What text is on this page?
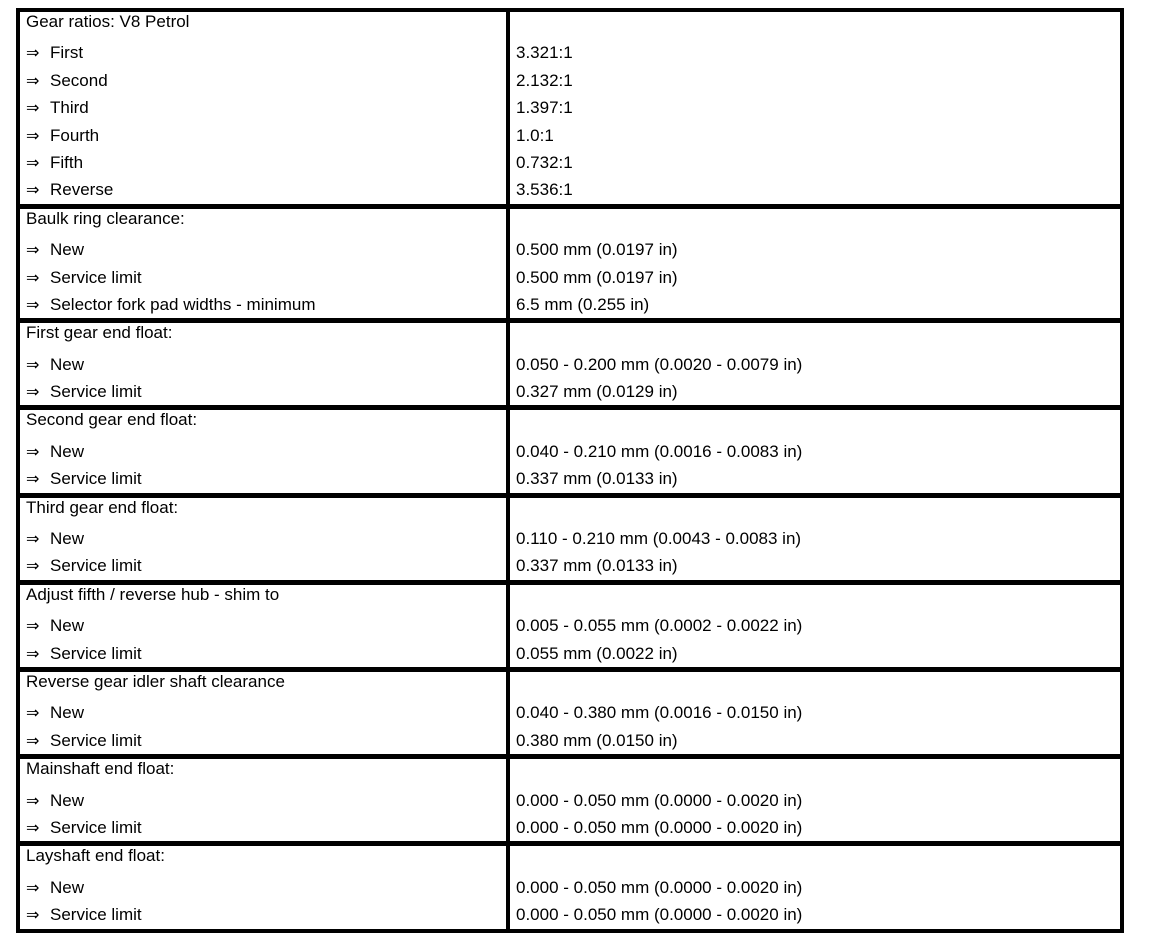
Gear ratios: V8 Petrol
⇒ First
⇒ Second
⇒ Third
⇒ Fourth
⇒ Fifth
⇒ Reverse
3.321:1
2.132:1
1.397:1
1.0:1
0.732:1
3.536:1
Baulk ring clearance:
⇒ New
⇒ Service limit
⇒ Selector fork pad widths - minimum
0.500 mm (0.0197 in)
0.500 mm (0.0197 in)
6.5 mm (0.255 in)
First gear end float:
⇒ New
⇒ Service limit
0.050 - 0.200 mm (0.0020 - 0.0079 in)
0.327 mm (0.0129 in)
Second gear end float:
⇒ New
⇒ Service limit
0.040 - 0.210 mm (0.0016 - 0.0083 in)
0.337 mm (0.0133 in)
Third gear end float:
⇒ New
⇒ Service limit
0.110 - 0.210 mm (0.0043 - 0.0083 in)
0.337 mm (0.0133 in)
Adjust fifth / reverse hub - shim to
⇒ New
⇒ Service limit
0.005 - 0.055 mm (0.0002 - 0.0022 in)
0.055 mm (0.0022 in)
Reverse gear idler shaft clearance
⇒ New
⇒ Service limit
0.040 - 0.380 mm (0.0016 - 0.0150 in)
0.380 mm (0.0150 in)
Mainshaft end float:
⇒ New
⇒ Service limit
0.000 - 0.050 mm (0.0000 - 0.0020 in)
0.000 - 0.050 mm (0.0000 - 0.0020 in)
Layshaft end float:
⇒ New
⇒ Service limit
0.000 - 0.050 mm (0.0000 - 0.0020 in)
0.000 - 0.050 mm (0.0000 - 0.0020 in)
